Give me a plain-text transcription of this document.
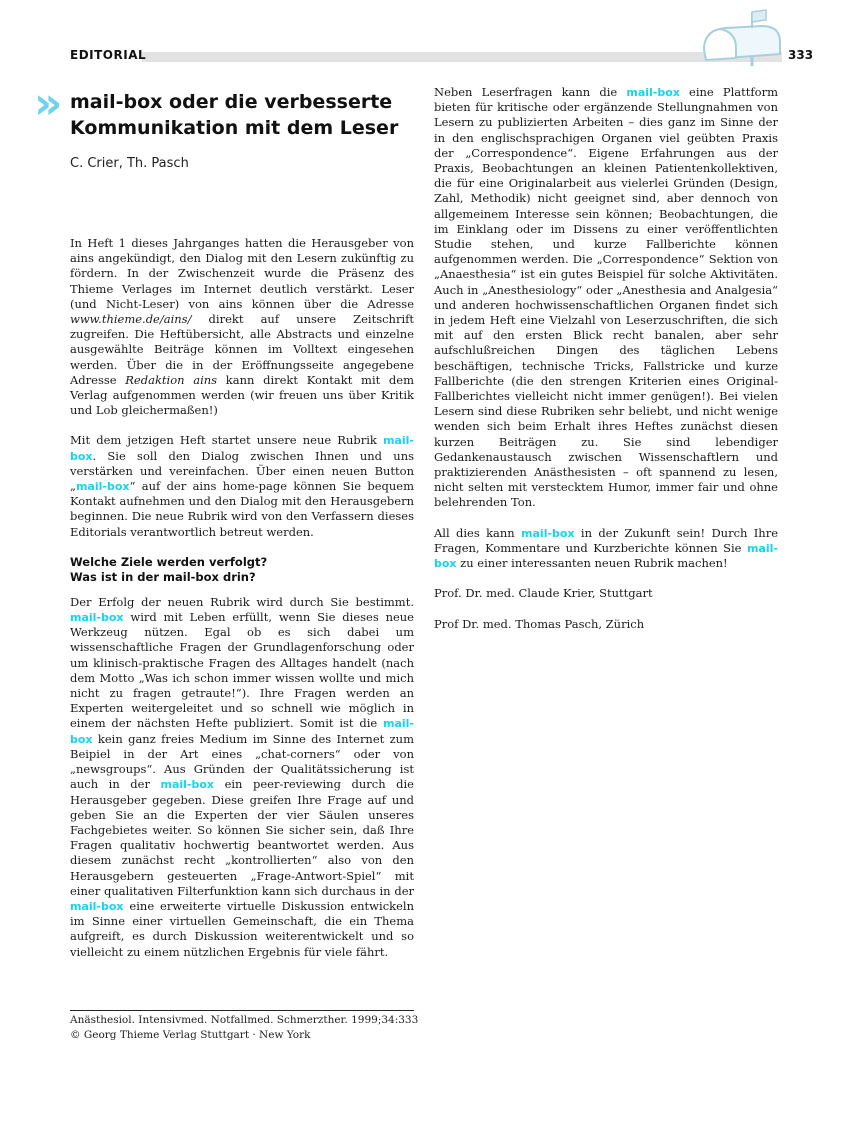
EDITORIAL	333
» mail-box oder die verbesserte Kommunikation mit dem Leser
C. Crier, Th. Pasch

In Heft 1 dieses Jahrganges hatten die Herausgeber von ains angekündigt, den Dialog mit den Lesern zukünftig zu fördern. In der Zwischenzeit wurde die Präsenz des Thieme Verlages im Internet deutlich verstärkt. Leser (und Nicht-Leser) von ains können über die Adresse www.thieme.de/ains/ direkt auf unsere Zeitschrift zugreifen. Die Heftübersicht, alle Abstracts und einzelne ausgewählte Beiträge können im Volltext eingesehen werden. Über die in der Eröffnungsseite angegebene Adresse Redaktion ains kann direkt Kontakt mit dem Verlag aufgenommen werden (wir freuen uns über Kritik und Lob gleichermaßen!)

Mit dem jetzigen Heft startet unsere neue Rubrik mail-box. Sie soll den Dialog zwischen Ihnen und uns verstärken und vereinfachen. Über einen neuen Button „mail-box“ auf der ains home-page können Sie bequem Kontakt aufnehmen und den Dialog mit den Herausgebern beginnen. Die neue Rubrik wird von den Verfassern dieses Editorials verantwortlich betreut werden.

Welche Ziele werden verfolgt?
Was ist in der mail-box drin?

Der Erfolg der neuen Rubrik wird durch Sie bestimmt. mail-box wird mit Leben erfüllt, wenn Sie dieses neue Werkzeug nützen. Egal ob es sich dabei um wissenschaftliche Fragen der Grundlagenforschung oder um klinisch-praktische Fragen des Alltages handelt (nach dem Motto „Was ich schon immer wissen wollte und mich nicht zu fragen getraute!“). Ihre Fragen werden an Experten weitergeleitet und so schnell wie möglich in einem der nächsten Hefte publiziert. Somit ist die mail-box kein ganz freies Medium im Sinne des Internet zum Beipiel in der Art eines „chat-corners“ oder von „newsgroups“. Aus Gründen der Qualitätssicherung ist auch in der mail-box ein peer-reviewing durch die Herausgeber gegeben. Diese greifen Ihre Frage auf und geben Sie an die Experten der vier Säulen unseres Fachgebietes weiter. So können Sie sicher sein, daß Ihre Fragen qualitativ hochwertig beantwortet werden. Aus diesem zunächst recht „kontrollierten“ also von den Herausgebern gesteuerten „Frage-Antwort-Spiel“ mit einer qualitativen Filterfunktion kann sich durchaus in der mail-box eine erweiterte virtuelle Diskussion entwickeln im Sinne einer virtuellen Gemeinschaft, die ein Thema aufgreift, es durch Diskussion weiterentwickelt und so vielleicht zu einem nützlichen Ergebnis für viele fährt.

Neben Leserfragen kann die mail-box eine Plattform bieten für kritische oder ergänzende Stellungnahmen von Lesern zu publizierten Arbeiten – dies ganz im Sinne der in den englischsprachigen Organen viel geübten Praxis der „Correspondence“. Eigene Erfahrungen aus der Praxis, Beobachtungen an kleinen Patientenkollektiven, die für eine Originalarbeit aus vielerlei Gründen (Design, Zahl, Methodik) nicht geeignet sind, aber dennoch von allgemeinem Interesse sein können; Beobachtungen, die im Einklang oder im Dissens zu einer veröffentlichten Studie stehen, und kurze Fallberichte können aufgenommen werden. Die „Correspondence“ Sektion von „Anaesthesia“ ist ein gutes Beispiel für solche Aktivitäten. Auch in „Anesthesiology“ oder „Anesthesia and Analgesia“ und anderen hochwissenschaftlichen Organen findet sich in jedem Heft eine Vielzahl von Leserzuschriften, die sich mit auf den ersten Blick recht banalen, aber sehr aufschlußreichen Dingen des täglichen Lebens beschäftigen, technische Tricks, Fallstricke und kurze Fallberichte (die den strengen Kriterien eines Original-Fallberichtes vielleicht nicht immer genügen!). Bei vielen Lesern sind diese Rubriken sehr beliebt, und nicht wenige wenden sich beim Erhalt ihres Heftes zunächst diesen kurzen Beiträgen zu. Sie sind lebendiger Gedankenaustausch zwischen Wissenschaftlern und praktizierenden Anästhesisten – oft spannend zu lesen, nicht selten mit verstecktem Humor, immer fair und ohne belehrenden Ton.

All dies kann mail-box in der Zukunft sein! Durch Ihre Fragen, Kommentare und Kurzberichte können Sie mail-box zu einer interessanten neuen Rubrik machen!

Prof. Dr. med. Claude Krier, Stuttgart

Prof Dr. med. Thomas Pasch, Zürich

Anästhesiol. Intensivmed. Notfallmed. Schmerzther. 1999;34:333
© Georg Thieme Verlag Stuttgart · New York
